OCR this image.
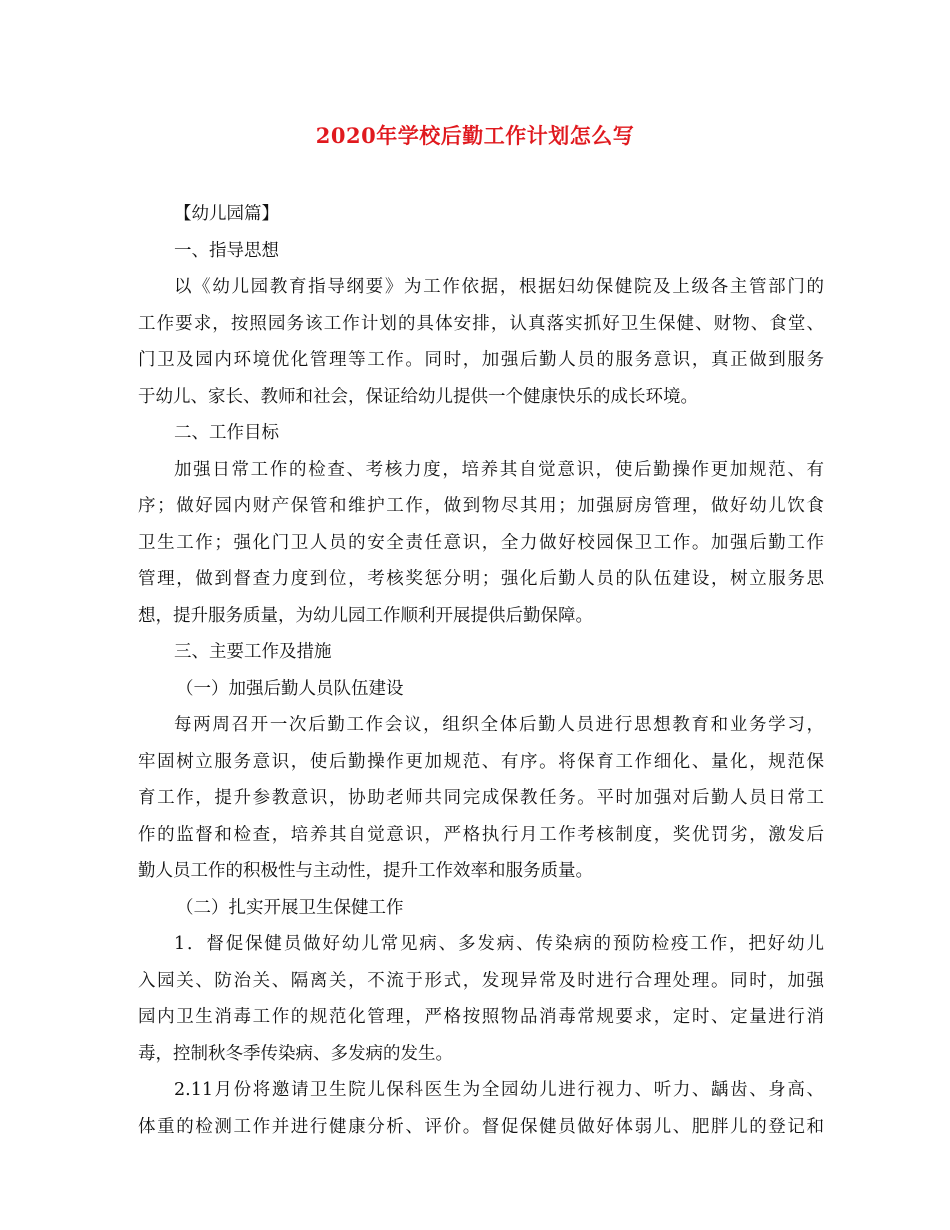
2020年学校后勤工作计划怎么写
【幼儿园篇】
一、指导思想
以《幼儿园教育指导纲要》为工作依据，根据妇幼保健院及上级各主管部门的
工作要求，按照园务该工作计划的具体安排，认真落实抓好卫生保健、财物、食堂、
门卫及园内环境优化管理等工作。同时，加强后勤人员的服务意识，真正做到服务
于幼儿、家长、教师和社会，保证给幼儿提供一个健康快乐的成长环境。
二、工作目标
加强日常工作的检查、考核力度，培养其自觉意识，使后勤操作更加规范、有
序；做好园内财产保管和维护工作，做到物尽其用；加强厨房管理，做好幼儿饮食
卫生工作；强化门卫人员的安全责任意识，全力做好校园保卫工作。加强后勤工作
管理，做到督查力度到位，考核奖惩分明；强化后勤人员的队伍建设，树立服务思
想，提升服务质量，为幼儿园工作顺利开展提供后勤保障。
三、主要工作及措施
（一）加强后勤人员队伍建设
每两周召开一次后勤工作会议，组织全体后勤人员进行思想教育和业务学习，
牢固树立服务意识，使后勤操作更加规范、有序。将保育工作细化、量化，规范保
育工作，提升参教意识，协助老师共同完成保教任务。平时加强对后勤人员日常工
作的监督和检查，培养其自觉意识，严格执行月工作考核制度，奖优罚劣，激发后
勤人员工作的积极性与主动性，提升工作效率和服务质量。
（二）扎实开展卫生保健工作
1．督促保健员做好幼儿常见病、多发病、传染病的预防检疫工作，把好幼儿
入园关、防治关、隔离关，不流于形式，发现异常及时进行合理处理。同时，加强
园内卫生消毒工作的规范化管理，严格按照物品消毒常规要求，定时、定量进行消
毒，控制秋冬季传染病、多发病的发生。
2.11月份将邀请卫生院儿保科医生为全园幼儿进行视力、听力、龋齿、身高、
体重的检测工作并进行健康分析、评价。督促保健员做好体弱儿、肥胖儿的登记和
